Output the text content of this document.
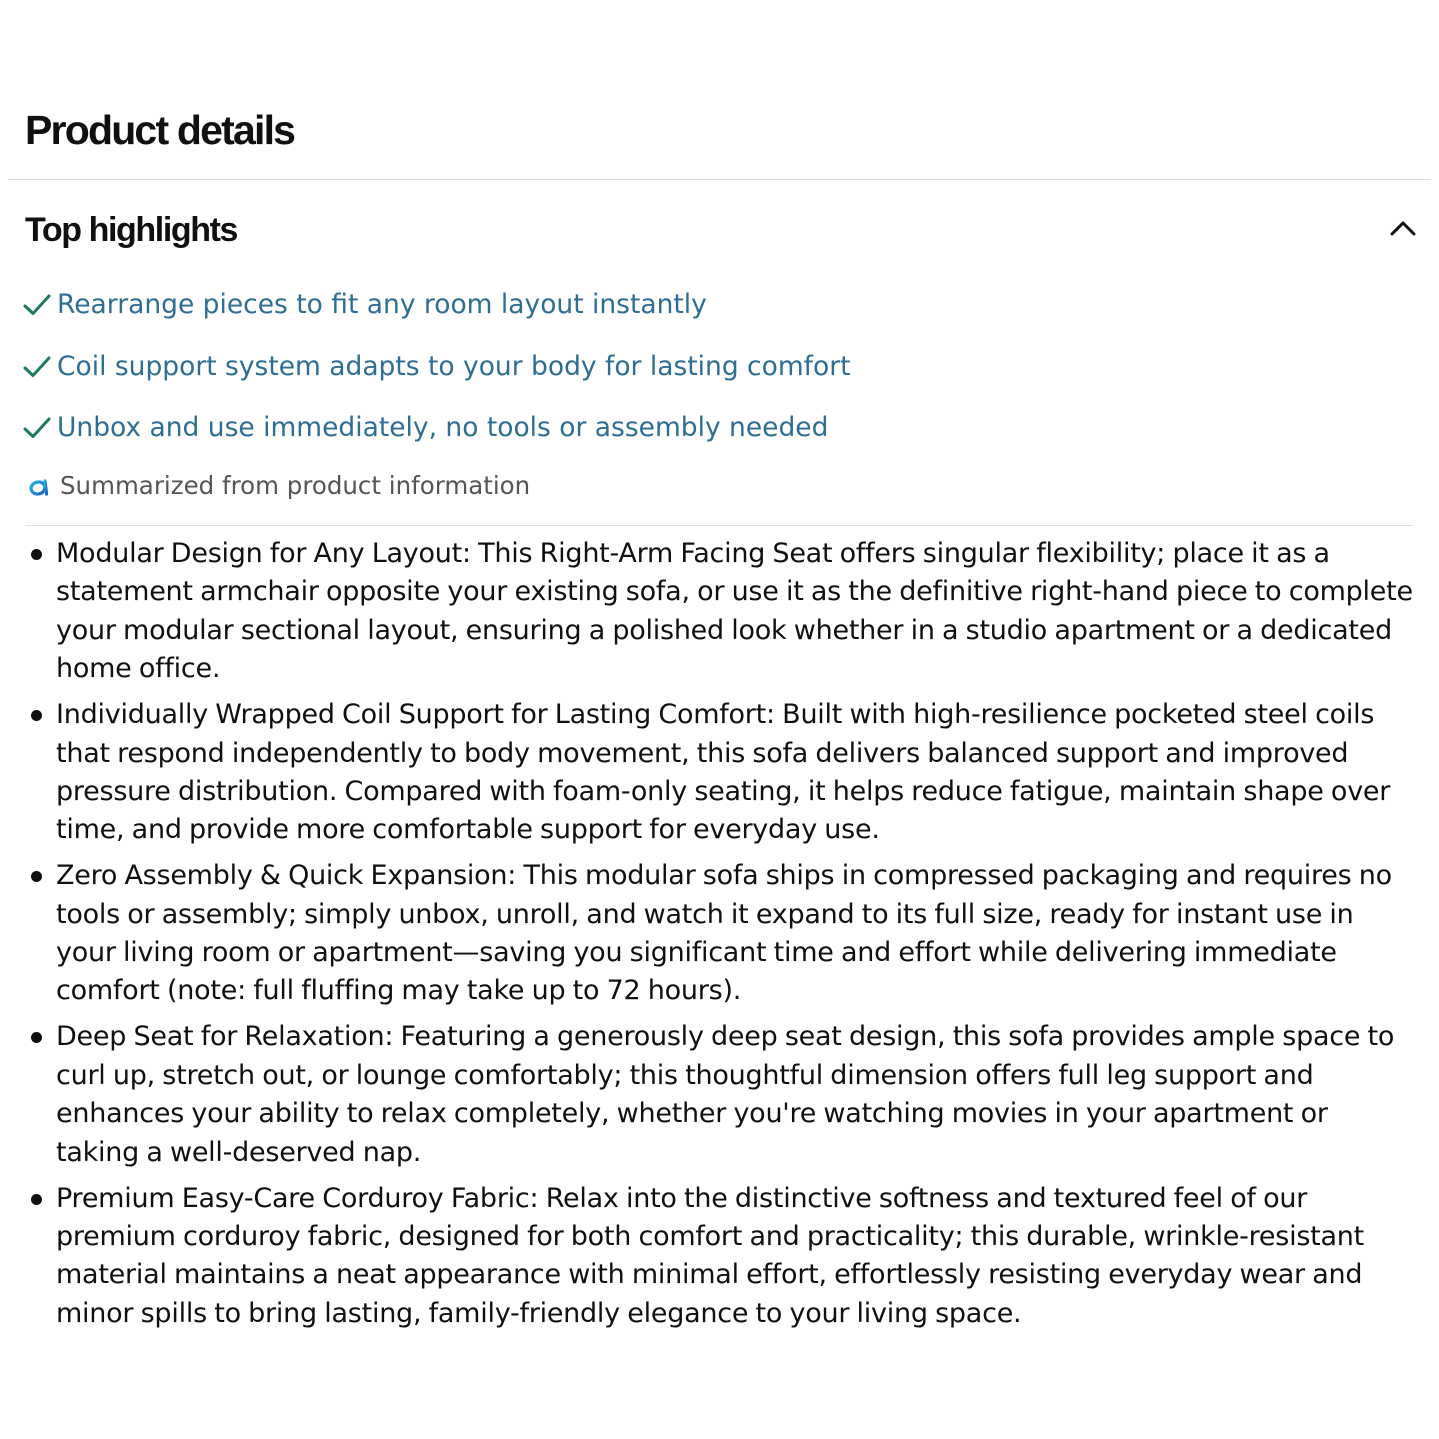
Product details
Top highlights
Rearrange pieces to fit any room layout instantly
Coil support system adapts to your body for lasting comfort
Unbox and use immediately, no tools or assembly needed
Summarized from product information
Modular Design for Any Layout: This Right-Arm Facing Seat offers singular flexibility; place it as a statement armchair opposite your existing sofa, or use it as the definitive right-hand piece to complete your modular sectional layout, ensuring a polished look whether in a studio apartment or a dedicated home office.
Individually Wrapped Coil Support for Lasting Comfort: Built with high-resilience pocketed steel coils that respond independently to body movement, this sofa delivers balanced support and improved pressure distribution. Compared with foam-only seating, it helps reduce fatigue, maintain shape over time, and provide more comfortable support for everyday use.
Zero Assembly & Quick Expansion: This modular sofa ships in compressed packaging and requires no tools or assembly; simply unbox, unroll, and watch it expand to its full size, ready for instant use in your living room or apartment—saving you significant time and effort while delivering immediate comfort (note: full fluffing may take up to 72 hours).
Deep Seat for Relaxation: Featuring a generously deep seat design, this sofa provides ample space to curl up, stretch out, or lounge comfortably; this thoughtful dimension offers full leg support and enhances your ability to relax completely, whether you're watching movies in your apartment or taking a well-deserved nap.
Premium Easy-Care Corduroy Fabric: Relax into the distinctive softness and textured feel of our premium corduroy fabric, designed for both comfort and practicality; this durable, wrinkle-resistant material maintains a neat appearance with minimal effort, effortlessly resisting everyday wear and minor spills to bring lasting, family-friendly elegance to your living space.
